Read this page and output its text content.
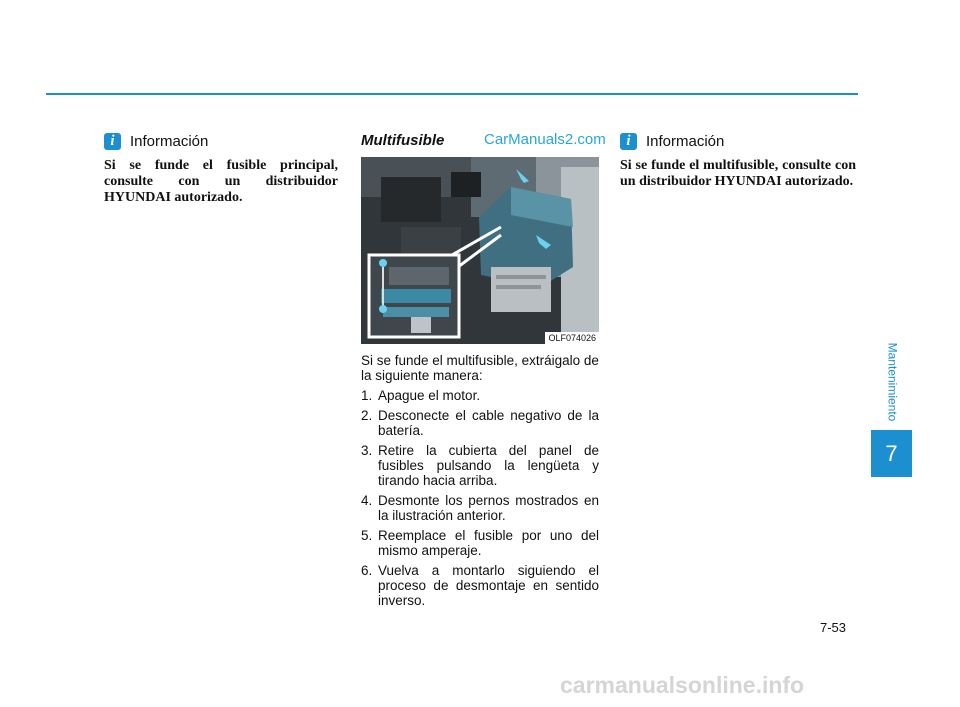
i	Información
Si se funde el fusible principal, consulte con un distribuidor HYUNDAI autorizado.
Multifusible	CarManuals2.com
OLF074026

Si se funde el multifusible, extráigalo de la siguiente manera:

1. Apague el motor.
2. Desconecte el cable negativo de la batería.
3. Retire la cubierta del panel de fusibles pulsando la lengüeta y tirando hacia arriba.
4. Desmonte los pernos mostrados en la ilustración anterior.
5. Reemplace el fusible por uno del mismo amperaje.
6. Vuelva a montarlo siguiendo el proceso de desmontaje en sentido inverso.
i	Información
Si se funde el multifusible, consulte con un distribuidor HYUNDAI autorizado.
Mantenimiento
7
7-53
carmanualsonline.info
